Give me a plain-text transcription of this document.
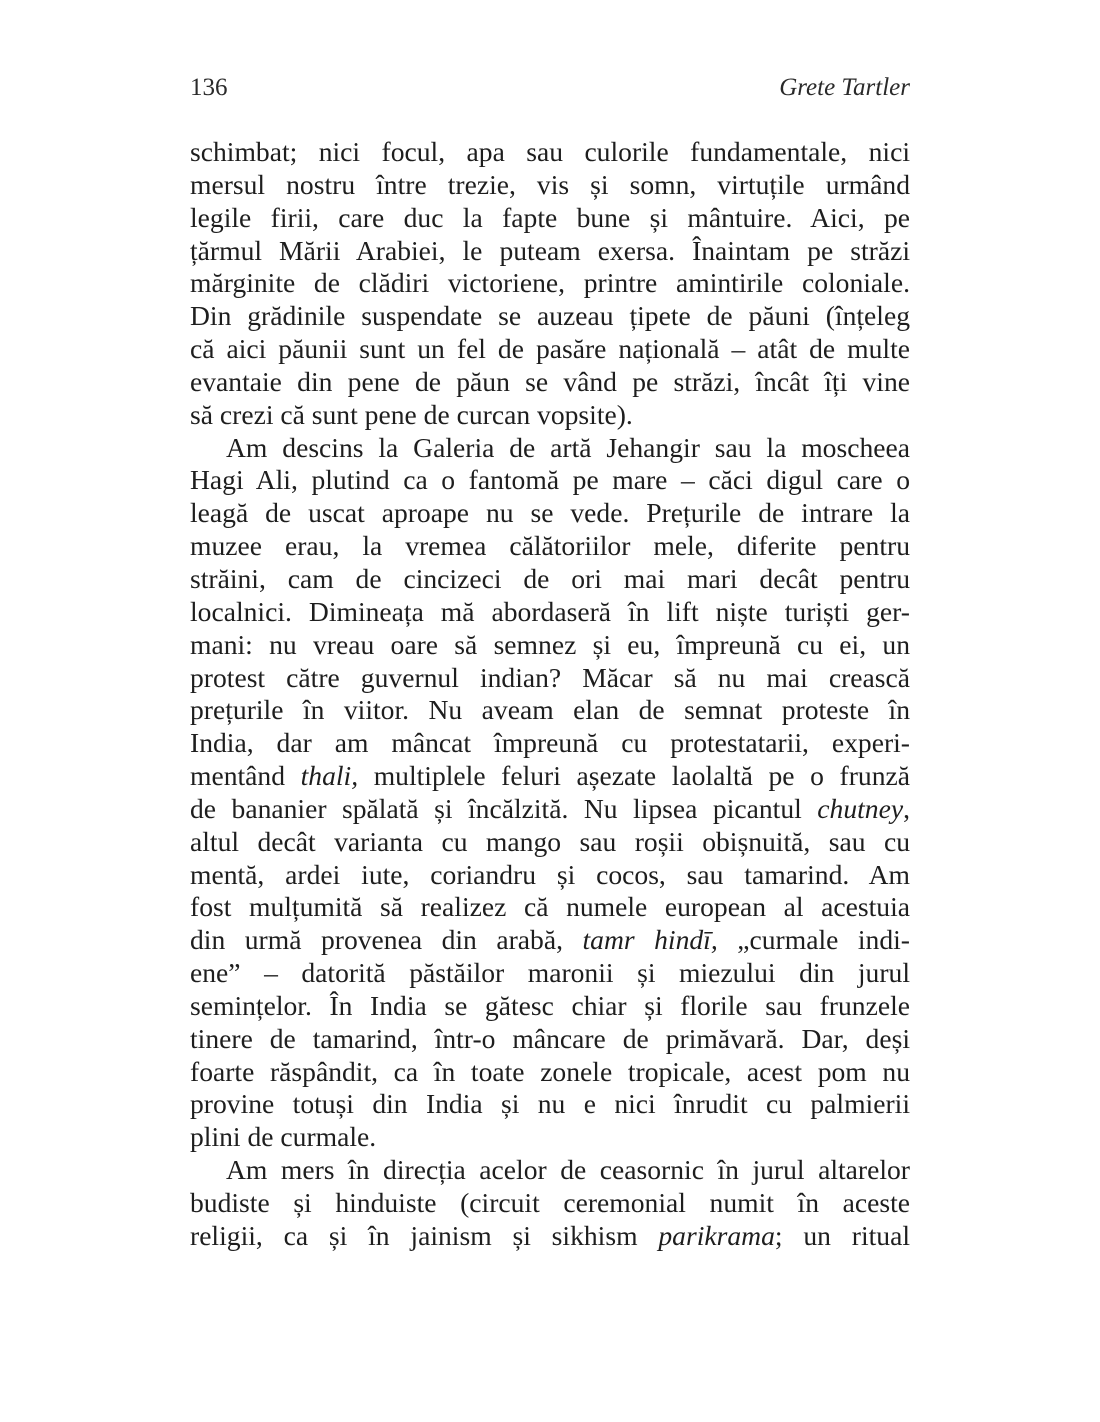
136	Grete Tartler
schimbat; nici focul, apa sau culorile fundamentale, nici
mersul nostru între trezie, vis și somn, virtuțile urmând
legile firii, care duc la fapte bune și mântuire. Aici, pe
țărmul Mării Arabiei, le puteam exersa. Înaintam pe străzi
mărginite de clădiri victoriene, printre amintirile coloniale.
Din grădinile suspendate se auzeau țipete de păuni (înțeleg
că aici păunii sunt un fel de pasăre națională – atât de multe
evantaie din pene de păun se vând pe străzi, încât îți vine
să crezi că sunt pene de curcan vopsite).
Am descins la Galeria de artă Jehangir sau la moscheea
Hagi Ali, plutind ca o fantomă pe mare – căci digul care o
leagă de uscat aproape nu se vede. Prețurile de intrare la
muzee erau, la vremea călătoriilor mele, diferite pentru
străini, cam de cincizeci de ori mai mari decât pentru
localnici. Dimineața mă abordaseră în lift niște turiști ger-
mani: nu vreau oare să semnez și eu, împreună cu ei, un
protest către guvernul indian? Măcar să nu mai crească
prețurile în viitor. Nu aveam elan de semnat proteste în
India, dar am mâncat împreună cu protestatarii, experi-
mentând thali, multiplele feluri așezate laolaltă pe o frunză
de bananier spălată și încălzită. Nu lipsea picantul chutney,
altul decât varianta cu mango sau roșii obișnuită, sau cu
mentă, ardei iute, coriandru și cocos, sau tamarind. Am
fost mulțumită să realizez că numele european al acestuia
din urmă provenea din arabă, tamr hindī, „curmale indi-
ene” – datorită păstăilor maronii și miezului din jurul
semințelor. În India se gătesc chiar și florile sau frunzele
tinere de tamarind, într-o mâncare de primăvară. Dar, deși
foarte răspândit, ca în toate zonele tropicale, acest pom nu
provine totuși din India și nu e nici înrudit cu palmierii
plini de curmale.
Am mers în direcția acelor de ceasornic în jurul altarelor
budiste și hinduiste (circuit ceremonial numit în aceste
religii, ca și în jainism și sikhism parikrama; un ritual
